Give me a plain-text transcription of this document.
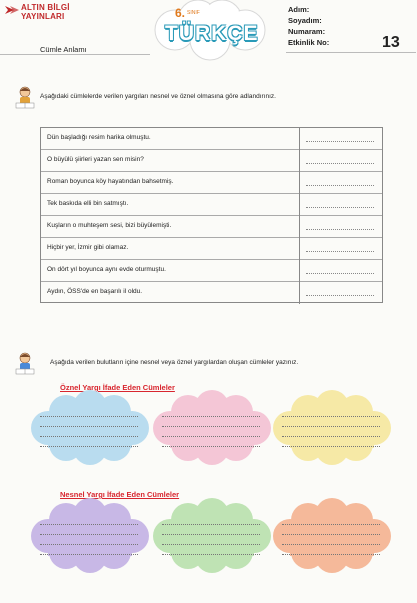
ALTIN BİLGİ
YAYINLARI
Cümle Anlamı
6. SINIF
TÜRKÇE
Adım:
Soyadım:
Numaram:
Etkinlik No:	13
Aşağıdaki cümlelerde verilen yargıları nesnel ve öznel olmasına göre adlandırınız.
Dün başladığı resim harika olmuştu.
O büyülü şiirleri yazan sen misin?
Roman boyunca köy hayatından bahsetmiş.
Tek baskıda elli bin satmıştı.
Kuşların o muhteşem sesi, bizi büyülemişti.
Hiçbir yer, İzmir gibi olamaz.
On dört yıl boyunca aynı evde oturmuştu.
Aydın, ÖSS'de en başarılı il oldu.
Aşağıda verilen bulutların içine nesnel veya öznel yargılardan oluşan cümleler yazınız.
Öznel Yargı İfade Eden Cümleler
Nesnel Yargı İfade Eden Cümleler
